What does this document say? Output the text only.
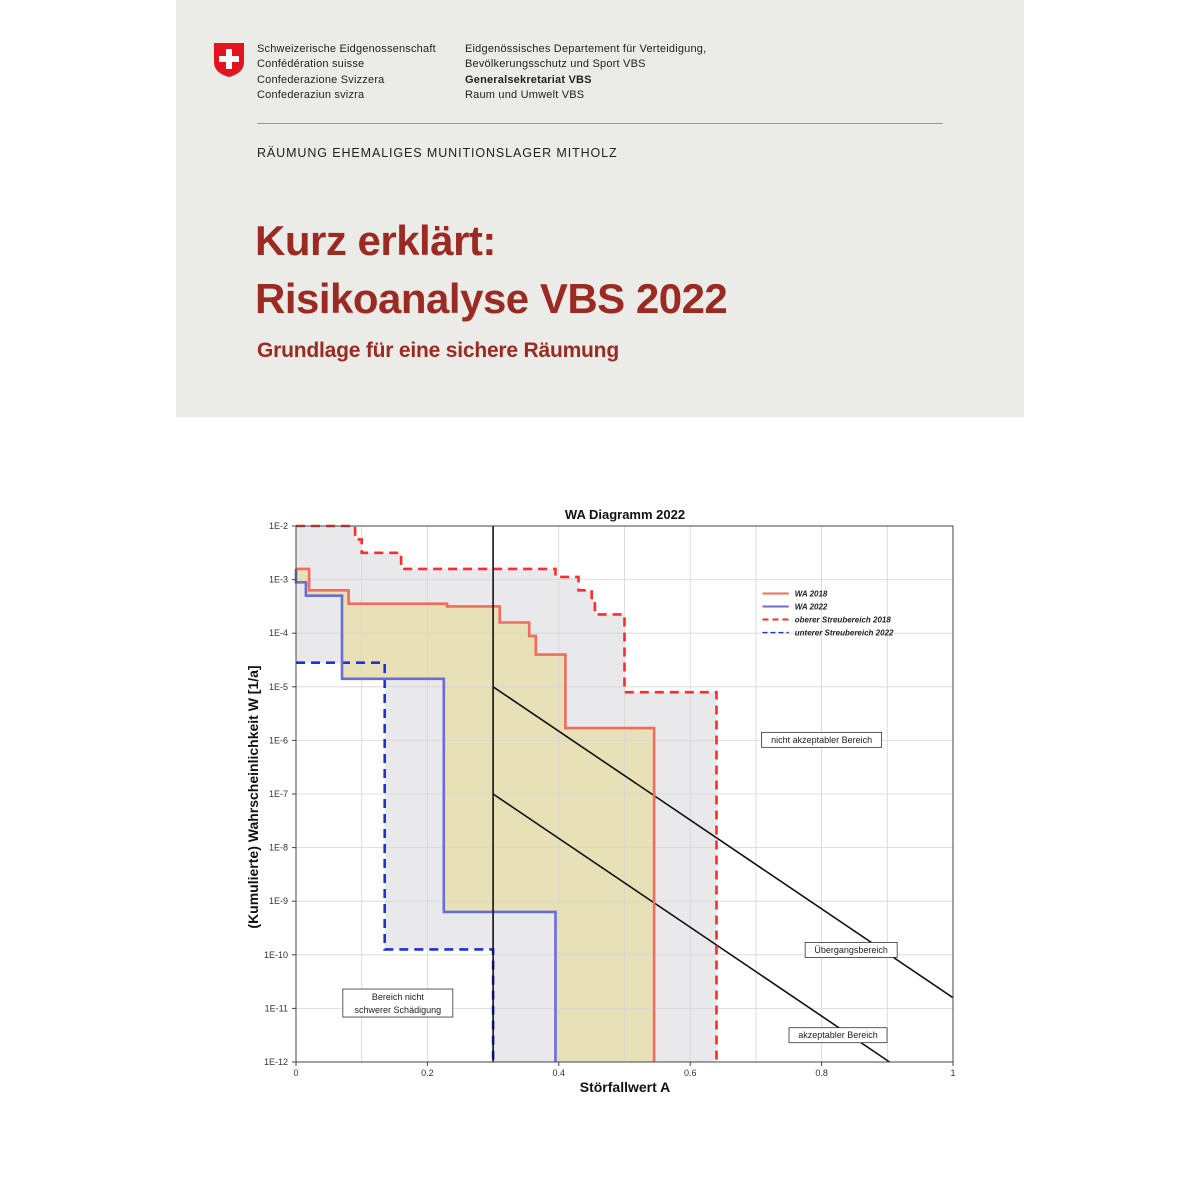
Schweizerische Eidgenossenschaft
Confédération suisse
Confederazione Svizzera
Confederaziun svizra
Eidgenössisches Departement für Verteidigung,
Bevölkerungsschutz und Sport VBS
Generalsekretariat VBS
Raum und Umwelt VBS
RÄUMUNG EHEMALIGES MUNITIONSLAGER MITHOLZ
Kurz erklärt:
Risikoanalyse VBS 2022
Grundlage für eine sichere Räumung
WA Diagramm 2022
Störfallwert A
(Kumulierte) Wahrscheinlichkeit W [1/a]
0	0.2	0.4	0.6	0.8	1
1E-2
1E-3
1E-4
1E-5
1E-6
1E-7
1E-8
1E-9
1E-10
1E-11
1E-12
WA 2018
WA 2022
oberer Streubereich 2018
unterer Streubereich 2022
nicht akzeptabler Bereich
Übergangsbereich
akzeptabler Bereich
Bereich nicht
schwerer Schädigung
